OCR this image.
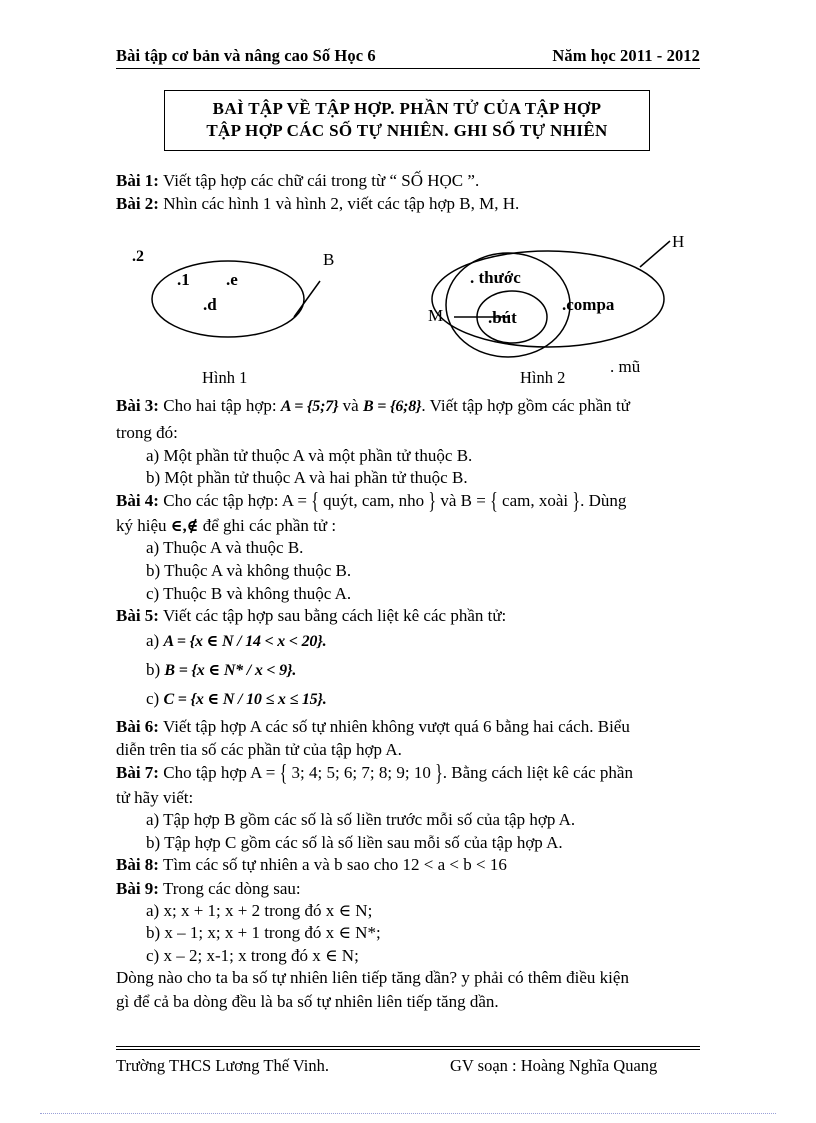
Bài tập cơ bản và nâng cao Số Học 6	Năm học 2011 - 2012
BAÌ TẬP VỀ TẬP HỢP. PHẦN TỬ CỦA TẬP HỢP
TẬP HỢP CÁC SỐ TỰ NHIÊN. GHI SỐ TỰ NHIÊN
Bài 1: Viết tập hợp các chữ cái trong từ “ SỐ HỌC ”.
Bài 2: Nhìn các hình 1 và hình 2, viết các tập hợp B, M, H.
.2
.1 .e
.d
B
H
M
. thước
.bút
.compa
. mũ
Hình 1	Hình 2
Bài 3: Cho hai tập hợp: A = {5;7} và B = {6;8}. Viết tập hợp gồm các phần tử
trong đó:
a) Một phần tử thuộc A và một phần tử thuộc B.
b) Một phần tử thuộc A và hai phần tử thuộc B.
Bài 4: Cho các tập hợp: A = { quýt, cam, nho } và B = { cam, xoài }. Dùng
ký hiệu ∈,∉ để ghi các phần tử :
a) Thuộc A và thuộc B.
b) Thuộc A và không thuộc B.
c) Thuộc B và không thuộc A.
Bài 5: Viết các tập hợp sau bằng cách liệt kê các phần tử:
a) A = {x ∈ N / 14 < x < 20}.
b) B = {x ∈ N* / x < 9}.
c) C = {x ∈ N / 10 ≤ x ≤ 15}.
Bài 6: Viết tập hợp A các số tự nhiên không vượt quá 6 bằng hai cách. Biểu
diễn trên tia số các phần tử của tập hợp A.
Bài 7: Cho tập hợp A = { 3; 4; 5; 6; 7; 8; 9; 10 }. Bằng cách liệt kê các phần
tử hãy viết:
a) Tập hợp B gồm các số là số liền trước mỗi số của tập hợp A.
b) Tập hợp C gồm các số là số liền sau mỗi số của tập hợp A.
Bài 8: Tìm các số tự nhiên a và b sao cho 12 < a < b < 16
Bài 9: Trong các dòng sau:
a) x; x + 1; x + 2 trong đó x ∈ N;
b) x – 1; x; x + 1 trong đó x ∈ N*;
c) x – 2; x-1; x trong đó x ∈ N;
Dòng nào cho ta ba số tự nhiên liên tiếp tăng dần? y phải có thêm điều kiện
gì để cả ba dòng đều là ba số tự nhiên liên tiếp tăng dần.
Trường THCS Lương Thế Vinh.	GV soạn : Hoàng Nghĩa Quang
